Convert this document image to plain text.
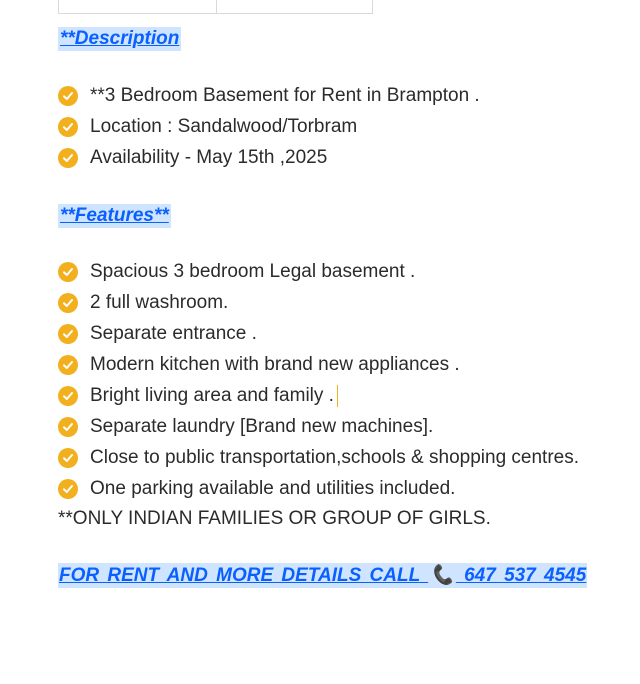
**Description
**3 Bedroom Basement for Rent in Brampton .
Location : Sandalwood/Torbram
Availability - May 15th ,2025
**Features**
Spacious 3 bedroom Legal basement .
2 full washroom.
Separate entrance .
Modern kitchen with brand new appliances .
Bright living area and family .
Separate laundry [Brand new machines].
Close to public transportation,schools & shopping centres.
One parking available and utilities included.
**ONLY INDIAN FAMILIES OR GROUP OF GIRLS.
FOR RENT AND MORE DETAILS CALL 📞 647 537 4545
